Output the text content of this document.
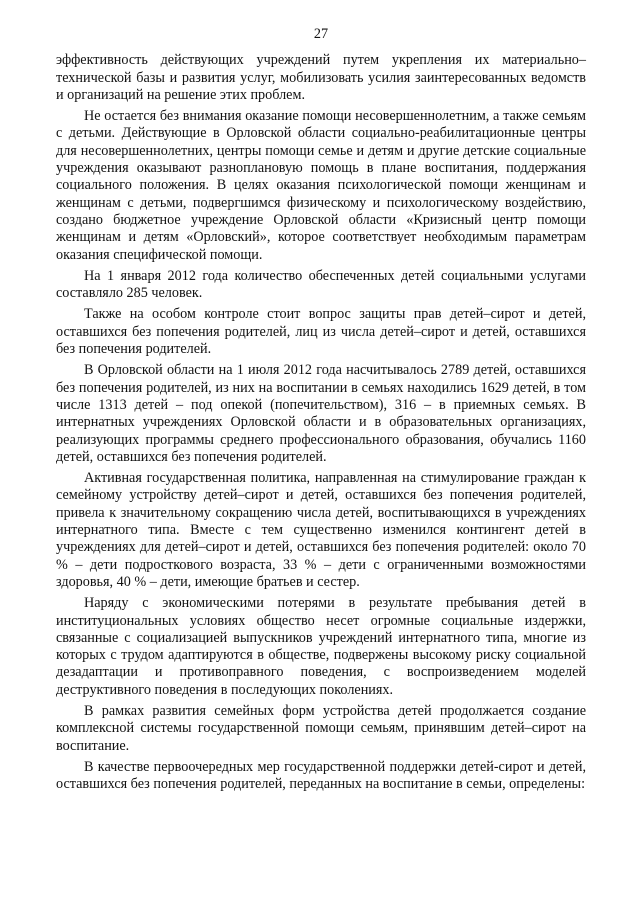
27

эффективность действующих учреждений путем укрепления их материально–технической базы и развития услуг, мобилизовать усилия заинтересованных ведомств и организаций на решение этих проблем.

Не остается без внимания оказание помощи несовершеннолетним, а также семьям с детьми. Действующие в Орловской области социально-реабилитационные центры для несовершеннолетних, центры помощи семье и детям и другие детские социальные учреждения оказывают разноплановую помощь в плане воспитания, поддержания социального положения. В целях оказания психологической помощи женщинам и женщинам с детьми, подвергшимся физическому и психологическому воздействию, создано бюджетное учреждение Орловской области «Кризисный центр помощи женщинам и детям «Орловский», которое соответствует необходимым параметрам оказания специфической помощи.

На 1 января 2012 года количество обеспеченных детей социальными услугами составляло 285 человек.

Также на особом контроле стоит вопрос защиты прав детей–сирот и детей, оставшихся без попечения родителей, лиц из числа детей–сирот и детей, оставшихся без попечения родителей.

В Орловской области на 1 июля 2012 года насчитывалось 2789 детей, оставшихся без попечения родителей, из них на воспитании в семьях находились 1629 детей, в том числе 1313 детей – под опекой (попечительством), 316 – в приемных семьях. В интернатных учреждениях Орловской области и в образовательных организациях, реализующих программы среднего профессионального образования, обучались 1160 детей, оставшихся без попечения родителей.

Активная государственная политика, направленная на стимулирование граждан к семейному устройству детей–сирот и детей, оставшихся без попечения родителей, привела к значительному сокращению числа детей, воспитывающихся в учреждениях интернатного типа. Вместе с тем существенно изменился контингент детей в учреждениях для детей–сирот и детей, оставшихся без попечения родителей: около 70 % – дети подросткового возраста, 33 % – дети с ограниченными возможностями здоровья, 40 % – дети, имеющие братьев и сестер.

Наряду с экономическими потерями в результате пребывания детей в институциональных условиях общество несет огромные социальные издержки, связанные с социализацией выпускников учреждений интернатного типа, многие из которых с трудом адаптируются в обществе, подвержены высокому риску социальной дезадаптации и противоправного поведения, с воспроизведением моделей деструктивного поведения в последующих поколениях.

В рамках развития семейных форм устройства детей продолжается создание комплексной системы государственной помощи семьям, принявшим детей–сирот на воспитание.

В качестве первоочередных мер государственной поддержки детей-сирот и детей, оставшихся без попечения родителей, переданных на воспитание в семьи, определены:
